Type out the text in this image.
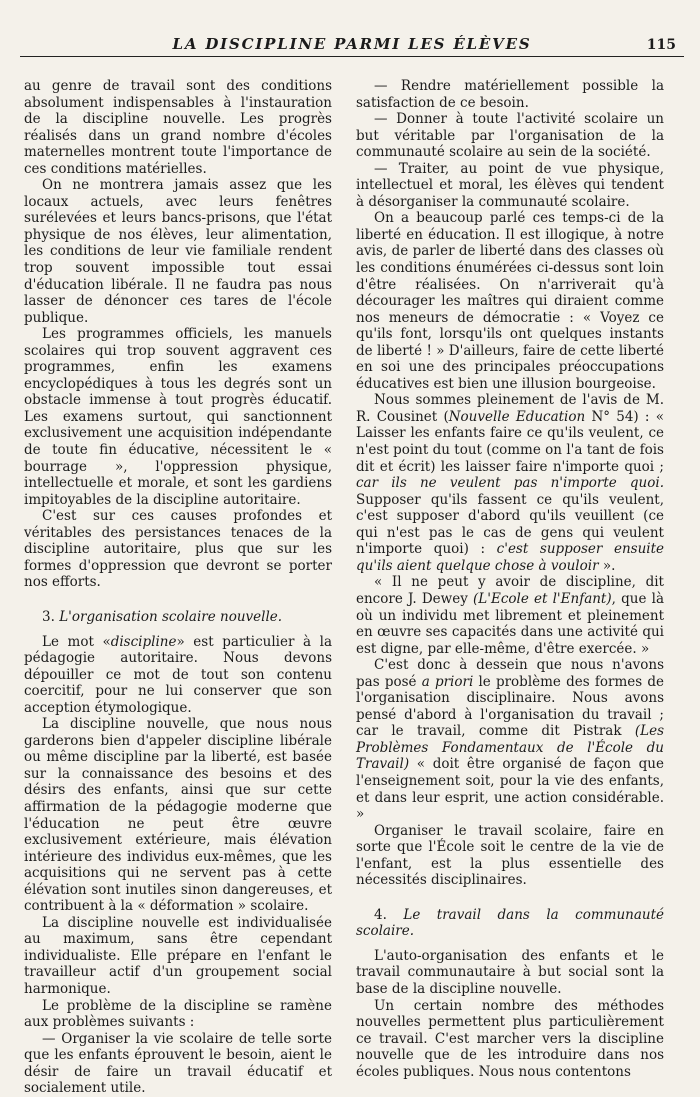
LA DISCIPLINE PARMI LES ÉLÈVES	115

au genre de travail sont des conditions absolument indispensables à l'instauration de la discipline nouvelle. Les progrès réalisés dans un grand nombre d'écoles maternelles montrent toute l'importance de ces conditions matérielles.

On ne montrera jamais assez que les locaux actuels, avec leurs fenêtres surélevées et leurs bancs-prisons, que l'état physique de nos élèves, leur alimentation, les conditions de leur vie familiale rendent trop souvent impossible tout essai d'éducation libérale. Il ne faudra pas nous lasser de dénoncer ces tares de l'école publique.

Les programmes officiels, les manuels scolaires qui trop souvent aggravent ces programmes, enfin les examens encyclopédiques à tous les degrés sont un obstacle immense à tout progrès éducatif. Les examens surtout, qui sanctionnent exclusivement une acquisition indépendante de toute fin éducative, nécessitent le « bourrage », l'oppression physique, intellectuelle et morale, et sont les gardiens impitoyables de la discipline autoritaire.

C'est sur ces causes profondes et véritables des persistances tenaces de la discipline autoritaire, plus que sur les formes d'oppression que devront se porter nos efforts.

3. L'organisation scolaire nouvelle.

Le mot «discipline» est particulier à la pédagogie autoritaire. Nous devons dépouiller ce mot de tout son contenu coercitif, pour ne lui conserver que son acception étymologique.

La discipline nouvelle, que nous nous garderons bien d'appeler discipline libérale ou même discipline par la liberté, est basée sur la connaissance des besoins et des désirs des enfants, ainsi que sur cette affirmation de la pédagogie moderne que l'éducation ne peut être œuvre exclusivement extérieure, mais élévation intérieure des individus eux-mêmes, que les acquisitions qui ne servent pas à cette élévation sont inutiles sinon dangereuses, et contribuent à la « déformation » scolaire.

La discipline nouvelle est individualisée au maximum, sans être cependant individualiste. Elle prépare en l'enfant le travailleur actif d'un groupement social harmonique.

Le problème de la discipline se ramène aux problèmes suivants :

— Organiser la vie scolaire de telle sorte que les enfants éprouvent le besoin, aient le désir de faire un travail éducatif et socialement utile.

— Rendre matériellement possible la satisfaction de ce besoin.

— Donner à toute l'activité scolaire un but véritable par l'organisation de la communauté scolaire au sein de la société.

— Traiter, au point de vue physique, intellectuel et moral, les élèves qui tendent à désorganiser la communauté scolaire.

On a beaucoup parlé ces temps-ci de la liberté en éducation. Il est illogique, à notre avis, de parler de liberté dans des classes où les conditions énumérées ci-dessus sont loin d'être réalisées. On n'arriverait qu'à décourager les maîtres qui diraient comme nos meneurs de démocratie : « Voyez ce qu'ils font, lorsqu'ils ont quelques instants de liberté ! » D'ailleurs, faire de cette liberté en soi une des principales préoccupations éducatives est bien une illusion bourgeoise.

Nous sommes pleinement de l'avis de M. R. Cousinet (Nouvelle Education N° 54) : « Laisser les enfants faire ce qu'ils veulent, ce n'est point du tout (comme on l'a tant de fois dit et écrit) les laisser faire n'importe quoi ; car ils ne veulent pas n'importe quoi. Supposer qu'ils fassent ce qu'ils veulent, c'est supposer d'abord qu'ils veuillent (ce qui n'est pas le cas de gens qui veulent n'importe quoi) : c'est supposer ensuite qu'ils aient quelque chose à vouloir ».

« Il ne peut y avoir de discipline, dit encore J. Dewey (L'Ecole et l'Enfant), que là où un individu met librement et pleinement en œuvre ses capacités dans une activité qui est digne, par elle-même, d'être exercée. »

C'est donc à dessein que nous n'avons pas posé a priori le problème des formes de l'organisation disciplinaire. Nous avons pensé d'abord à l'organisation du travail ; car le travail, comme dit Pistrak (Les Problèmes Fondamentaux de l'École du Travail) « doit être organisé de façon que l'enseignement soit, pour la vie des enfants, et dans leur esprit, une action considérable. »

Organiser le travail scolaire, faire en sorte que l'École soit le centre de la vie de l'enfant, est la plus essentielle des nécessités disciplinaires.

4. Le travail dans la communauté scolaire.

L'auto-organisation des enfants et le travail communautaire à but social sont la base de la discipline nouvelle.

Un certain nombre des méthodes nouvelles permettent plus particulièrement ce travail. C'est marcher vers la discipline nouvelle que de les introduire dans nos écoles publiques. Nous nous contentons
